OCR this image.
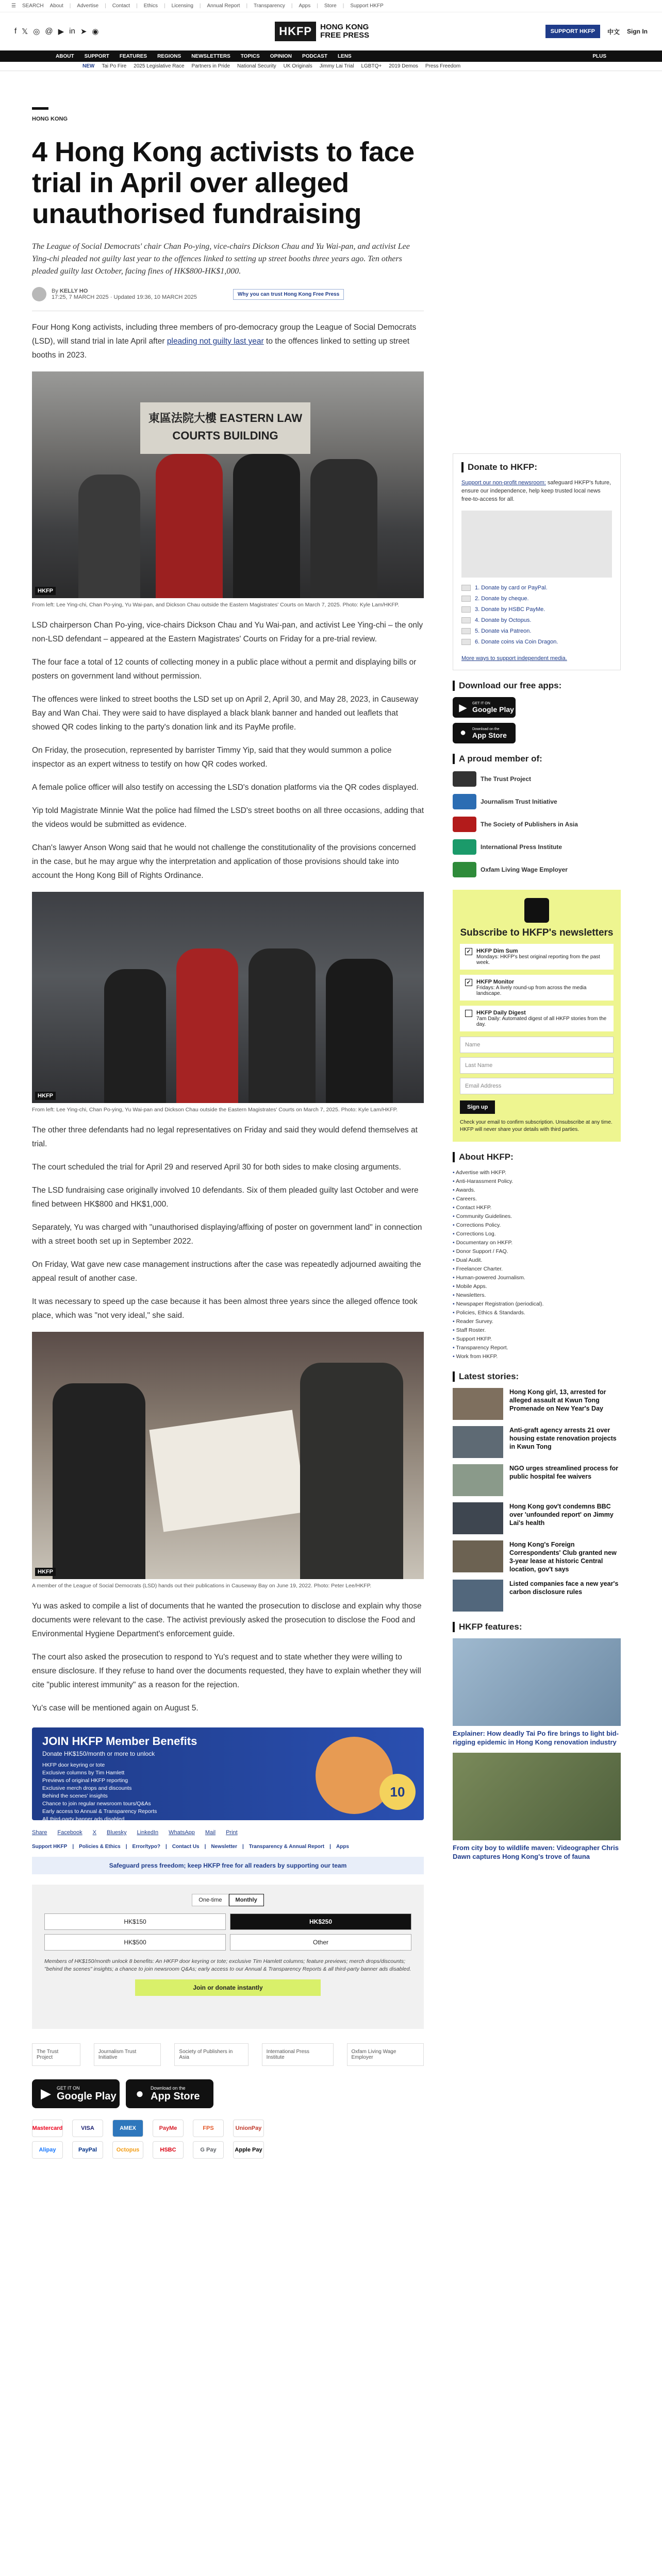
☰ SEARCH About | Advertise | Contact | Ethics | Licensing | Annual Report | Transparency | Apps | Store | Support HKFP
f 𝕏 ◎ @ ▶ in ➤ ◉	HKFP	HONG KONG
FREE PRESS	SUPPORT HKFP	中文 Sign In
ABOUT SUPPORT FEATURES REGIONS NEWSLETTERS TOPICS OPINION PODCAST LENS	PLUS
NEW Tai Po Fire 2025 Legislative Race Partners in Pride National Security UK Originals Jimmy Lai Trial LGBTQ+ 2019 Demos Press Freedom
HONG KONG
4 Hong Kong activists to face trial in April over alleged unauthorised fundraising
The League of Social Democrats' chair Chan Po-ying, vice-chairs Dickson Chau and Yu Wai-pan, and activist Lee Ying-chi pleaded not guilty last year to the offences linked to setting up street booths three years ago. Ten others pleaded guilty last October, facing fines of HK$800-HK$1,000.
By KELLY HO
17:25, 7 MARCH 2025 · Updated 19:36, 10 MARCH 2025	Why you can trust Hong Kong Free Press

Four Hong Kong activists, including three members of pro-democracy group the League of Social Democrats (LSD), will stand trial in late April after pleading not guilty last year to the offences linked to setting up street booths in 2023.

東區法院大樓 EASTERN LAW COURTS BUILDING
HKFP
From left: Lee Ying-chi, Chan Po-ying, Yu Wai-pan, and Dickson Chau outside the Eastern Magistrates' Courts on March 7, 2025. Photo: Kyle Lam/HKFP.

LSD chairperson Chan Po-ying, vice-chairs Dickson Chau and Yu Wai-pan, and activist Lee Ying-chi – the only non-LSD defendant – appeared at the Eastern Magistrates' Courts on Friday for a pre-trial review.

The four face a total of 12 counts of collecting money in a public place without a permit and displaying bills or posters on government land without permission.

The offences were linked to street booths the LSD set up on April 2, April 30, and May 28, 2023, in Causeway Bay and Wan Chai. They were said to have displayed a black blank banner and handed out leaflets that showed QR codes linking to the party's donation link and its PayMe profile.

On Friday, the prosecution, represented by barrister Timmy Yip, said that they would summon a police inspector as an expert witness to testify on how QR codes worked.

A female police officer will also testify on accessing the LSD's donation platforms via the QR codes displayed.

Yip told Magistrate Minnie Wat the police had filmed the LSD's street booths on all three occasions, adding that the videos would be submitted as evidence.

Chan's lawyer Anson Wong said that he would not challenge the constitutionality of the provisions concerned in the case, but he may argue why the interpretation and application of those provisions should take into account the Hong Kong Bill of Rights Ordinance.

HKFP
From left: Lee Ying-chi, Chan Po-ying, Yu Wai-pan and Dickson Chau outside the Eastern Magistrates' Courts on March 7, 2025. Photo: Kyle Lam/HKFP.

The other three defendants had no legal representatives on Friday and said they would defend themselves at trial.

The court scheduled the trial for April 29 and reserved April 30 for both sides to make closing arguments.

The LSD fundraising case originally involved 10 defendants. Six of them pleaded guilty last October and were fined between HK$800 and HK$1,000.

Separately, Yu was charged with "unauthorised displaying/affixing of poster on government land" in connection with a street booth set up in September 2022.

On Friday, Wat gave new case management instructions after the case was repeatedly adjourned awaiting the appeal result of another case.

It was necessary to speed up the case because it has been almost three years since the alleged offence took place, which was "not very ideal," she said.

HKFP
A member of the League of Social Democrats (LSD) hands out their publications in Causeway Bay on June 19, 2022. Photo: Peter Lee/HKFP.

Yu was asked to compile a list of documents that he wanted the prosecution to disclose and explain why those documents were relevant to the case. The activist previously asked the prosecution to disclose the Food and Environmental Hygiene Department's enforcement guide.

The court also asked the prosecution to respond to Yu's request and to state whether they were willing to ensure disclosure. If they refuse to hand over the documents requested, they have to explain whether they will cite "public interest immunity" as a reason for the rejection.

Yu's case will be mentioned again on August 5.

JOIN HKFP Member Benefits
Donate HK$150/month or more to unlock
HKFP door keyring or tote
Exclusive columns by Tim Hamlett
Previews of original HKFP reporting
Exclusive merch drops and discounts
Behind the scenes' insights
Chance to join regular newsroom tours/Q&As
Early access to Annual & Transparency Reports
All third-party banner ads disabled
10
Share Facebook X Bluesky LinkedIn WhatsApp Mail Print
Support HKFP | Policies & Ethics | Error/typo? | Contact Us | Newsletter | Transparency & Annual Report | Apps
Safeguard press freedom; keep HKFP free for all readers by supporting our team
One-time	Monthly
HK$150	HK$250
HK$500	Other
Members of HK$150/month unlock 8 benefits: An HKFP door keyring or tote; exclusive Tim Hamlett columns; feature previews; merch drops/discounts; "behind the scenes" insights; a chance to join newsroom Q&As; early access to our Annual & Transparency Reports & all third-party banner ads disabled.
Join or donate instantly
The Trust Project
Journalism Trust Initiative
Society of Publishers in Asia
International Press Institute
Oxfam Living Wage Employer
▶	GET IT ON
Google Play ●	Download on the
App Store
Mastercard	VISA	AMEX	PayMe	FPS	UnionPay
Alipay	PayPal	Octopus	HSBC	G Pay	Apple Pay
Donate to HKFP:
Support our non-profit newsroom: safeguard HKFP's future, ensure our independence, help keep trusted local news free-to-access for all.
1. Donate by card or PayPal.
2. Donate by cheque.
3. Donate by HSBC PayMe.
4. Donate by Octopus.
5. Donate via Patreon.
6. Donate coins via Coin Dragon.
More ways to support independent media.
Download our free apps:
▶	GET IT ON
Google Play
●	Download on the
App Store
A proud member of:
The Trust Project
Journalism Trust Initiative
The Society of Publishers in Asia
International Press Institute
Oxfam Living Wage Employer
Subscribe to HKFP's newsletters
✓ HKFP Dim Sum
Mondays: HKFP's best original reporting from the past week.
✓ HKFP Monitor
Fridays: A lively round-up from across the media landscape.
HKFP Daily Digest
7am Daily: Automated digest of all HKFP stories from the day.
Name
Last Name
Email Address
Sign up
Check your email to confirm subscription. Unsubscribe at any time. HKFP will never share your details with third parties.
About HKFP:
• Advertise with HKFP.
• Anti-Harassment Policy.
• Awards.
• Careers.
• Contact HKFP.
• Community Guidelines.
• Corrections Policy.
• Corrections Log.
• Documentary on HKFP.
• Donor Support / FAQ.
• Dual Audit.
• Freelancer Charter.
• Human-powered Journalism.
• Mobile Apps.
• Newsletters.
• Newspaper Registration (periodical).
• Policies, Ethics & Standards.
• Reader Survey.
• Staff Roster.
• Support HKFP.
• Transparency Report.
• Work from HKFP.
Latest stories:
Hong Kong girl, 13, arrested for alleged assault at Kwun Tong Promenade on New Year's Day
Anti-graft agency arrests 21 over housing estate renovation projects in Kwun Tong
NGO urges streamlined process for public hospital fee waivers
Hong Kong gov't condemns BBC over 'unfounded report' on Jimmy Lai's health
Hong Kong's Foreign Correspondents' Club granted new 3-year lease at historic Central location, gov't says
Listed companies face a new year's carbon disclosure rules
HKFP features:
Explainer: How deadly Tai Po fire brings to light bid-rigging epidemic in Hong Kong renovation industry
From city boy to wildlife maven: Videographer Chris Dawn captures Hong Kong's trove of fauna
